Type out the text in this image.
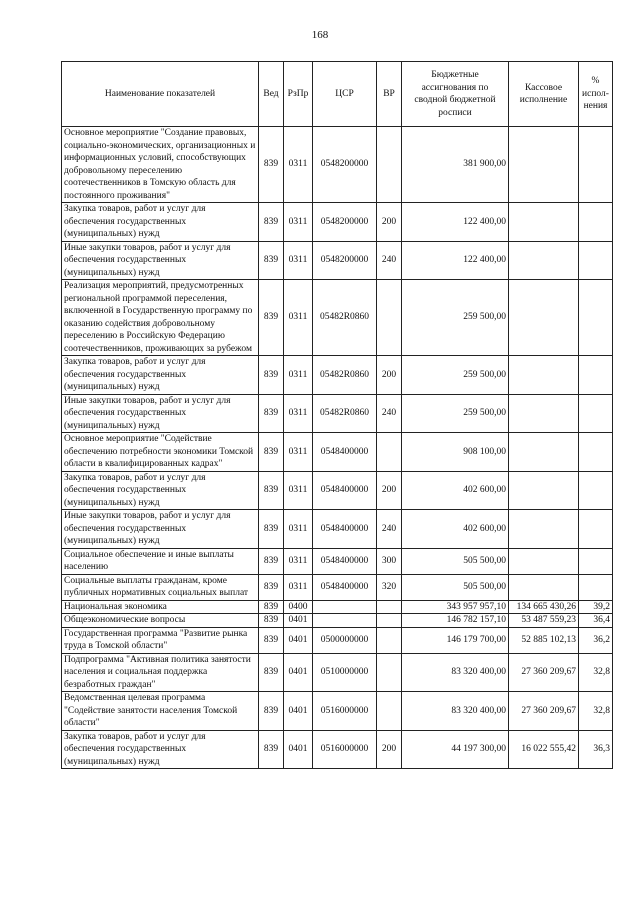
168
Наименование показателей	Вед	РзПр	ЦСР	ВР	Бюджетные ассигнования по сводной бюджетной росписи	Кассовое исполнение	% испол-нения
Основное мероприятие "Создание правовых, социально-экономических, организационных и информационных условий, способствующих добровольному переселению соотечественников в Томскую область для постоянного проживания"	839	0311	0548200000		381 900,00		
Закупка товаров, работ и услуг для обеспечения государственных (муниципальных) нужд	839	0311	0548200000	200	122 400,00		
Иные закупки товаров, работ и услуг для обеспечения государственных (муниципальных) нужд	839	0311	0548200000	240	122 400,00		
Реализация мероприятий, предусмотренных региональной программой переселения, включенной в Государственную программу по оказанию содействия добровольному переселению в Российскую Федерацию соотечественников, проживающих за рубежом	839	0311	05482R0860		259 500,00		
Закупка товаров, работ и услуг для обеспечения государственных (муниципальных) нужд	839	0311	05482R0860	200	259 500,00		
Иные закупки товаров, работ и услуг для обеспечения государственных (муниципальных) нужд	839	0311	05482R0860	240	259 500,00		
Основное мероприятие "Содействие обеспечению потребности экономики Томской области в квалифицированных кадрах"	839	0311	0548400000		908 100,00		
Закупка товаров, работ и услуг для обеспечения государственных (муниципальных) нужд	839	0311	0548400000	200	402 600,00		
Иные закупки товаров, работ и услуг для обеспечения государственных (муниципальных) нужд	839	0311	0548400000	240	402 600,00		
Социальное обеспечение и иные выплаты населению	839	0311	0548400000	300	505 500,00		
Социальные выплаты гражданам, кроме публичных нормативных социальных выплат	839	0311	0548400000	320	505 500,00		
Национальная экономика	839	0400			343 957 957,10	134 665 430,26	39,2
Общеэкономические вопросы	839	0401			146 782 157,10	53 487 559,23	36,4
Государственная программа "Развитие рынка труда в Томской области"	839	0401	0500000000		146 179 700,00	52 885 102,13	36,2
Подпрограмма "Активная политика занятости населения и социальная поддержка безработных граждан"	839	0401	0510000000		83 320 400,00	27 360 209,67	32,8
Ведомственная целевая программа "Содействие занятости населения Томской области"	839	0401	0516000000		83 320 400,00	27 360 209,67	32,8
Закупка товаров, работ и услуг для обеспечения государственных (муниципальных) нужд	839	0401	0516000000	200	44 197 300,00	16 022 555,42	36,3
